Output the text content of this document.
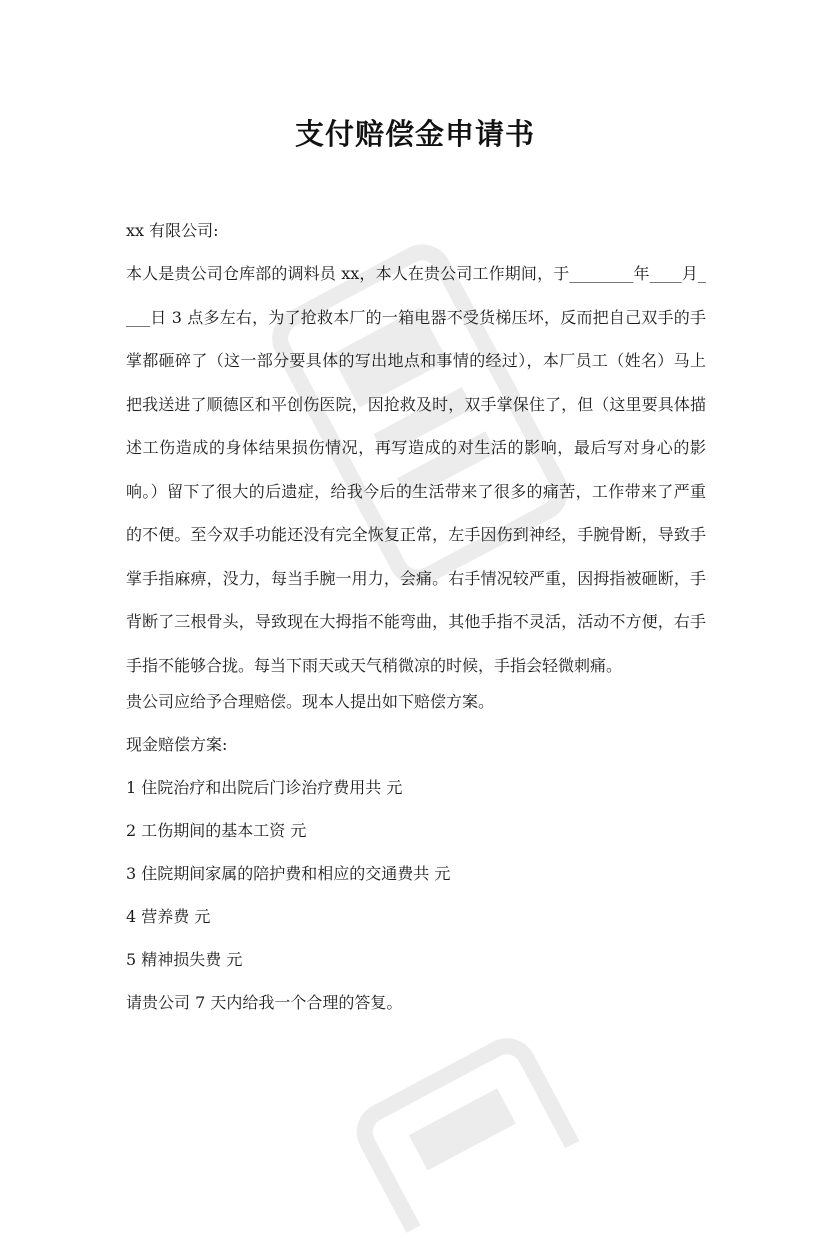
支付赔偿金申请书

xx 有限公司:

本人是贵公司仓库部的调料员 xx，本人在贵公司工作期间，于________年____月____日 3 点多左右，为了抢救本厂的一箱电器不受货梯压坏，反而把自己双手的手掌都砸碎了（这一部分要具体的写出地点和事情的经过），本厂员工（姓名）马上把我送进了顺德区和平创伤医院，因抢救及时，双手掌保住了，但（这里要具体描述工伤造成的身体结果损伤情况，再写造成的对生活的影响，最后写对身心的影响。）留下了很大的后遗症，给我今后的生活带来了很多的痛苦，工作带来了严重的不便。至今双手功能还没有完全恢复正常，左手因伤到神经，手腕骨断，导致手掌手指麻痹，没力，每当手腕一用力，会痛。右手情况较严重，因拇指被砸断，手背断了三根骨头，导致现在大拇指不能弯曲，其他手指不灵活，活动不方便，右手手指不能够合拢。每当下雨天或天气稍微凉的时候，手指会轻微刺痛。

贵公司应给予合理赔偿。现本人提出如下赔偿方案。

现金赔偿方案:

1 住院治疗和出院后门诊治疗费用共 元

2 工伤期间的基本工资 元

3 住院期间家属的陪护费和相应的交通费共 元

4 营养费 元

5 精神损失费 元

请贵公司 7 天内给我一个合理的答复。
